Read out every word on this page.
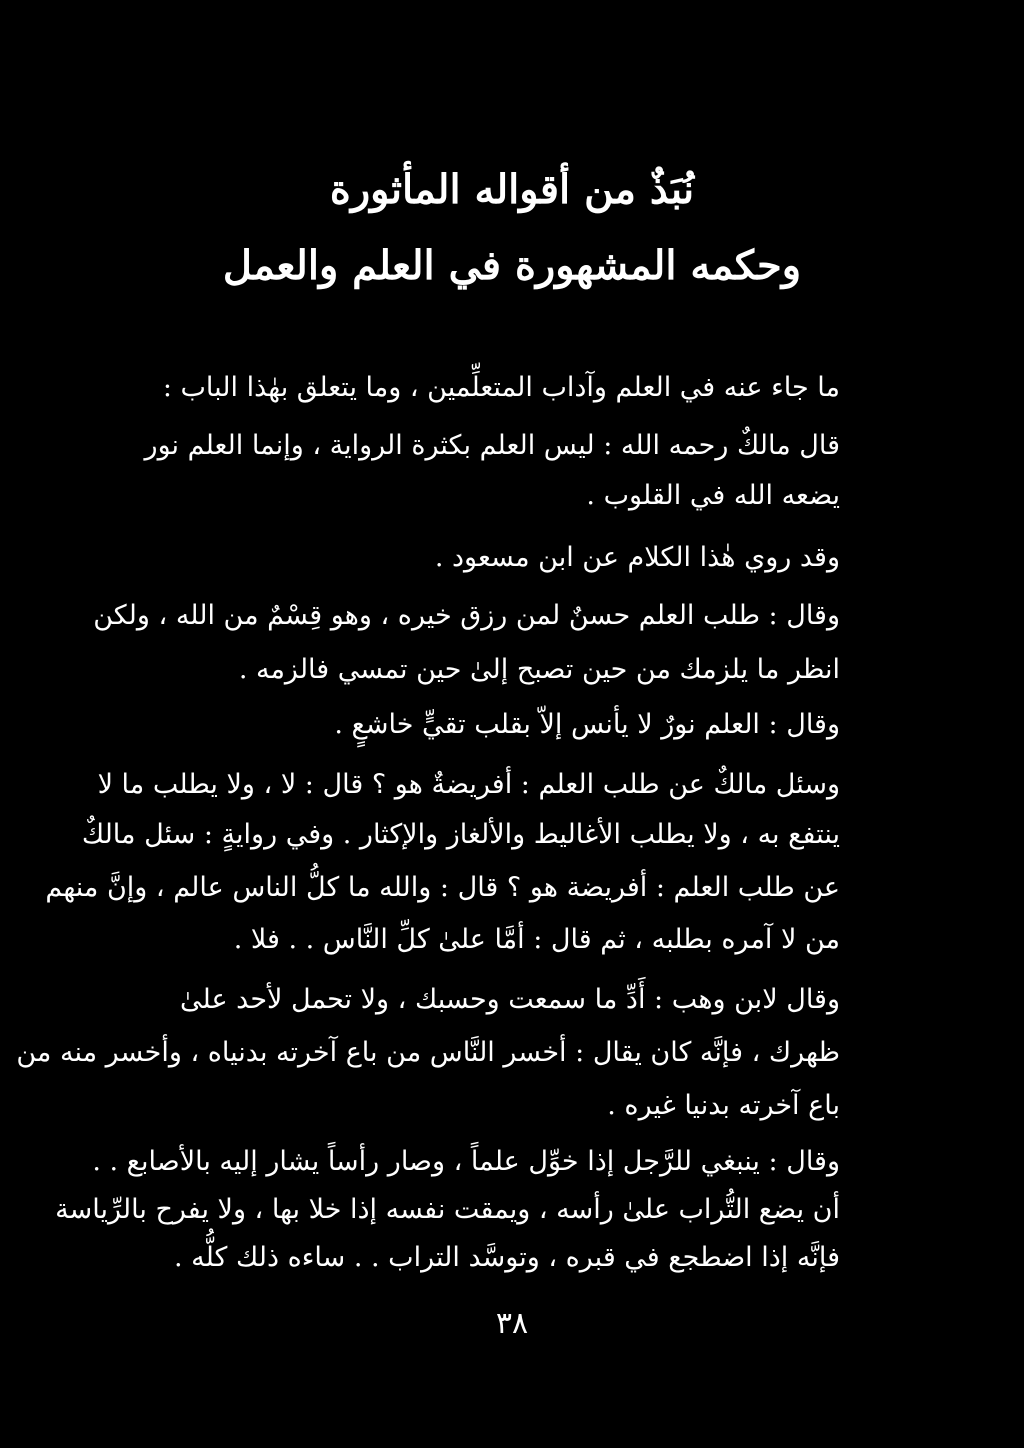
نُبَذٌ من أقواله المأثورة
وحكمه المشهورة في العلم والعمل
ما جاء عنه في العلم وآداب المتعلِّمين ، وما يتعلق بهٰذا الباب :
قال مالكٌ رحمه الله : ليس العلم بكثرة الرواية ، وإنما العلم نور
يضعه الله في القلوب .
وقد روي هٰذا الكلام عن ابن مسعود .
وقال : طلب العلم حسنٌ لمن رزق خيره ، وهو قِسْمٌ من الله ، ولكن
انظر ما يلزمك من حين تصبح إلىٰ حين تمسي فالزمه .
وقال : العلم نورٌ لا يأنس إلاّ بقلب تقيٍّ خاشعٍ .
وسئل مالكٌ عن طلب العلم : أفريضةٌ هو ؟ قال : لا ، ولا يطلب ما لا
ينتفع به ، ولا يطلب الأغاليط والألغاز والإكثار . وفي روايةٍ : سئل مالكٌ
عن طلب العلم : أفريضة هو ؟ قال : والله ما كلُّ الناس عالم ، وإنَّ منهم
من لا آمره بطلبه ، ثم قال : أمَّا علىٰ كلِّ النَّاس . . فلا .
وقال لابن وهب : أَدِّ ما سمعت وحسبك ، ولا تحمل لأحد علىٰ
ظهرك ، فإنَّه كان يقال : أخسر النَّاس من باع آخرته بدنياه ، وأخسر منه من
باع آخرته بدنيا غيره .
وقال : ينبغي للرَّجل إذا خوِّل علماً ، وصار رأساً يشار إليه بالأصابع . .
أن يضع التُّراب علىٰ رأسه ، ويمقت نفسه إذا خلا بها ، ولا يفرح بالرِّياسة
فإنَّه إذا اضطجع في قبره ، وتوسَّد التراب . . ساءه ذلك كلُّه .
٣٨
